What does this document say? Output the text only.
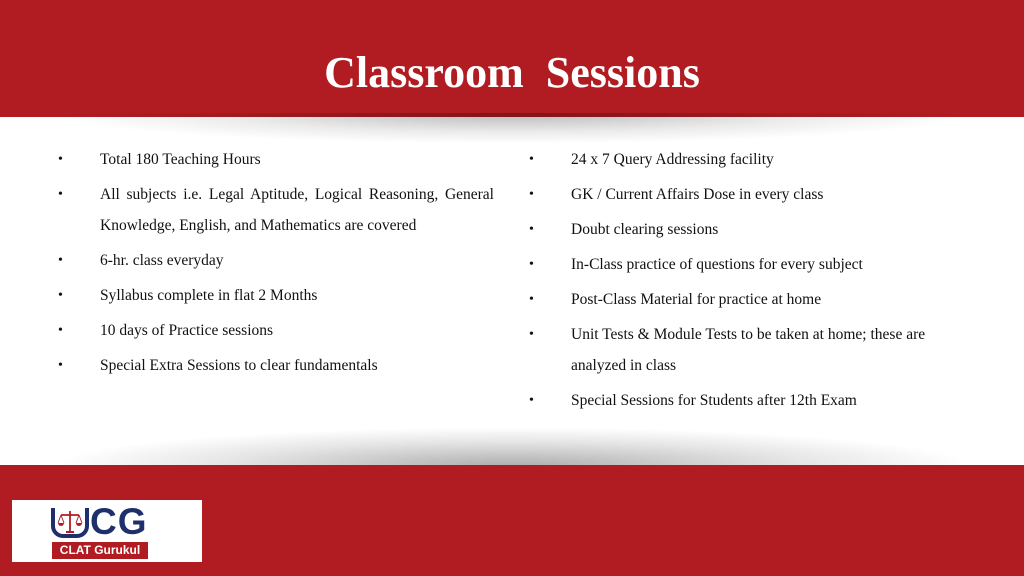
Classroom  Sessions
• Total 180 Teaching Hours
• All subjects i.e. Legal Aptitude, Logical Reasoning, General Knowledge, English, and Mathematics are covered
• 6-hr. class everyday
• Syllabus complete in flat 2 Months
• 10 days of Practice sessions
• Special Extra Sessions to clear fundamentals
• 24 x 7 Query Addressing facility
• GK / Current Affairs Dose in every class
• Doubt clearing sessions
• In-Class practice of questions for every subject
• Post-Class Material for practice at home
• Unit Tests & Module Tests to be taken at home; these are analyzed in class
• Special Sessions for Students after 12th Exam
CG
CLAT Gurukul
